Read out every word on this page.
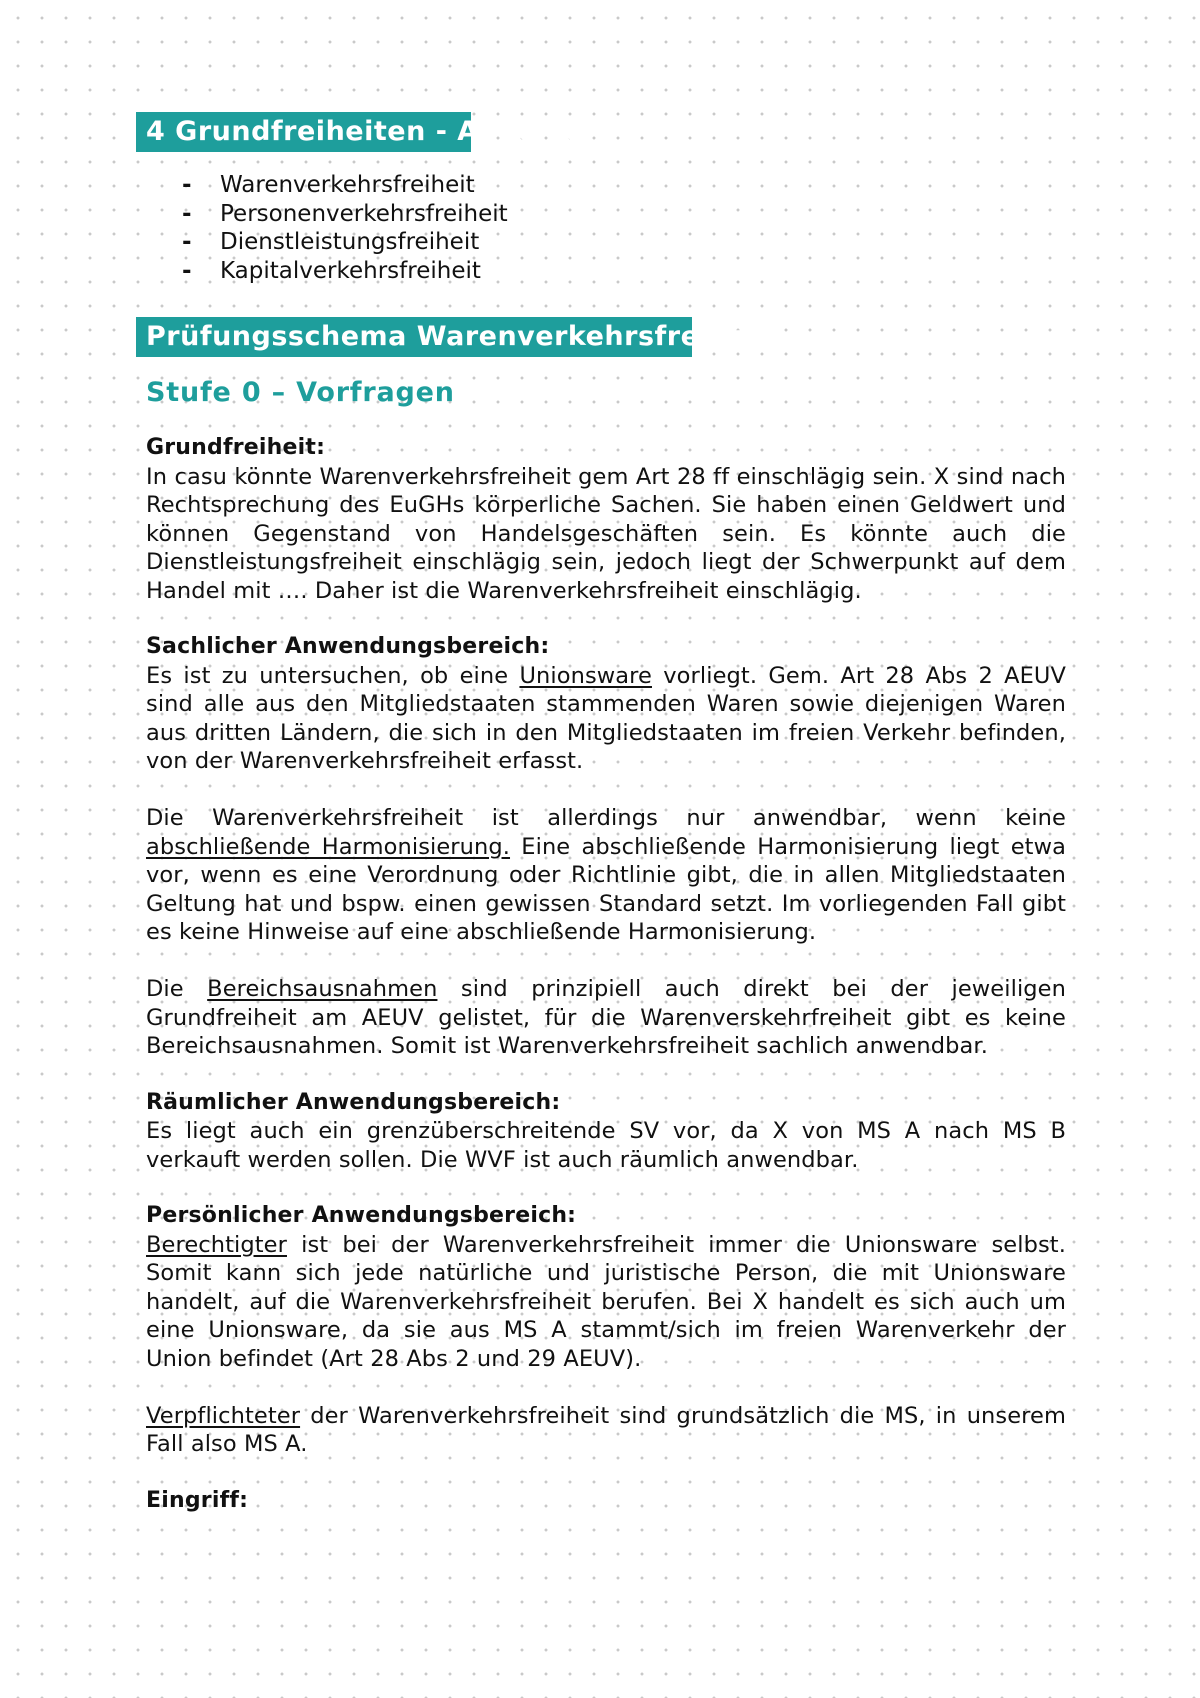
4 Grundfreiheiten - Allgemein
- Warenverkehrsfreiheit
- Personenverkehrsfreiheit
- Dienstleistungsfreiheit
- Kapitalverkehrsfreiheit
Prüfungsschema Warenverkehrsfreiheit
Stufe 0 – Vorfragen
Grundfreiheit:

In casu könnte Warenverkehrsfreiheit gem Art 28 ff einschlägig sein. X sind nach Rechtsprechung des EuGHs körperliche Sachen. Sie haben einen Geldwert und können Gegenstand von Handelsgeschäften sein. Es könnte auch die Dienstleistungsfreiheit einschlägig sein, jedoch liegt der Schwerpunkt auf dem Handel mit …. Daher ist die Warenverkehrsfreiheit einschlägig.

Sachlicher Anwendungsbereich:

Es ist zu untersuchen, ob eine Unionsware vorliegt. Gem. Art 28 Abs 2 AEUV sind alle aus den Mitgliedstaaten stammenden Waren sowie diejenigen Waren aus dritten Ländern, die sich in den Mitgliedstaaten im freien Verkehr befinden, von der Warenverkehrsfreiheit erfasst.

Die Warenverkehrsfreiheit ist allerdings nur anwendbar, wenn keine abschließende Harmonisierung. Eine abschließende Harmonisierung liegt etwa vor, wenn es eine Verordnung oder Richtlinie gibt, die in allen Mitgliedstaaten Geltung hat und bspw. einen gewissen Standard setzt. Im vorliegenden Fall gibt es keine Hinweise auf eine abschließende Harmonisierung.

Die Bereichsausnahmen sind prinzipiell auch direkt bei der jeweiligen Grundfreiheit am AEUV gelistet, für die Warenverskehrfreiheit gibt es keine Bereichsausnahmen. Somit ist Warenverkehrsfreiheit sachlich anwendbar.

Räumlicher Anwendungsbereich:

Es liegt auch ein grenzüberschreitende SV vor, da X von MS A nach MS B verkauft werden sollen. Die WVF ist auch räumlich anwendbar.

Persönlicher Anwendungsbereich:

Berechtigter ist bei der Warenverkehrsfreiheit immer die Unionsware selbst. Somit kann sich jede natürliche und juristische Person, die mit Unionsware handelt, auf die Warenverkehrsfreiheit berufen. Bei X handelt es sich auch um eine Unionsware, da sie aus MS A stammt/sich im freien Warenverkehr der Union befindet (Art 28 Abs 2 und 29 AEUV).

Verpflichteter der Warenverkehrsfreiheit sind grundsätzlich die MS, in unserem Fall also MS A.

Eingriff:
